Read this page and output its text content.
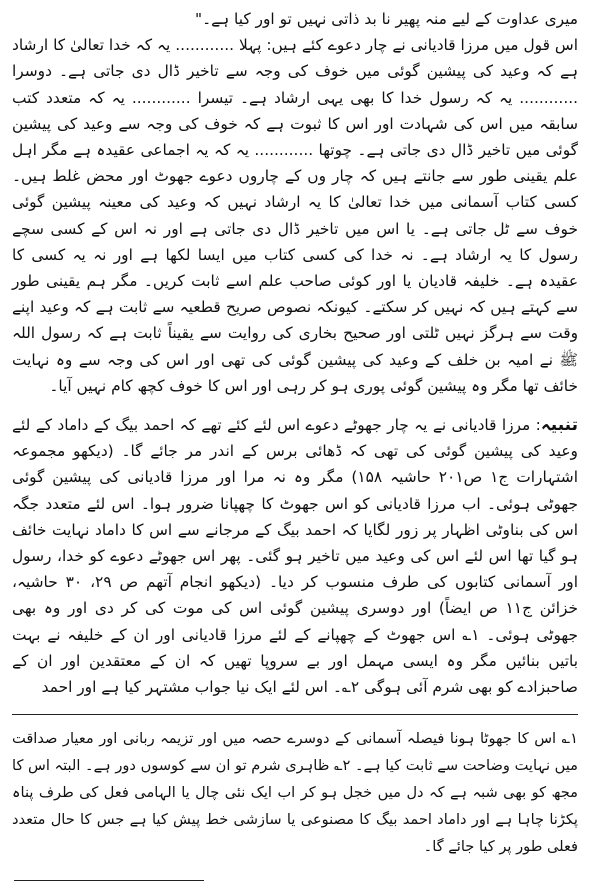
میری عداوت کے لیے منہ پھیر نا بد ذاتی نہیں تو اور کیا ہے۔"

اس قول میں مرزا قادیانی نے چار دعوے کئے ہیں: پہلا ............ یہ کہ خدا تعالیٰ کا ارشاد ہے کہ وعید کی پیشین گوئی میں خوف کی وجہ سے تاخیر ڈال دی جاتی ہے۔ دوسرا ............ یہ کہ رسول خدا کا بھی یہی ارشاد ہے۔ تیسرا ............ یہ کہ متعدد کتب سابقہ میں اس کی شہادت اور اس کا ثبوت ہے کہ خوف کی وجہ سے وعید کی پیشین گوئی میں تاخیر ڈال دی جاتی ہے۔ چوتھا ............ یہ کہ یہ اجماعی عقیدہ ہے مگر اہل علم یقینی طور سے جانتے ہیں کہ چار وں کے چاروں دعوے جھوٹ اور محض غلط ہیں۔ کسی کتاب آسمانی میں خدا تعالیٰ کا یہ ارشاد نہیں کہ وعید کی معینہ پیشین گوئی خوف سے ٹل جاتی ہے۔ یا اس میں تاخیر ڈال دی جاتی ہے اور نہ اس کے کسی سچے رسول کا یہ ارشاد ہے۔ نہ خدا کی کسی کتاب میں ایسا لکھا ہے اور نہ یہ کسی کا عقیدہ ہے۔ خلیفہ قادیان یا اور کوئی صاحب علم اسے ثابت کریں۔ مگر ہم یقینی طور سے کہتے ہیں کہ نہیں کر سکتے۔ کیونکہ نصوص صریح قطعیہ سے ثابت ہے کہ وعید اپنے وقت سے ہرگز نہیں ٹلتی اور صحیح بخاری کی روایت سے یقیناً ثابت ہے کہ رسول اللہ ﷺ نے امیہ بن خلف کے وعید کی پیشین گوئی کی تھی اور اس کی وجہ سے وہ نہایت خائف تھا مگر وہ پیشین گوئی پوری ہو کر رہی اور اس کا خوف کچھ کام نہیں آیا۔

تنبیہ: مرزا قادیانی نے یہ چار جھوٹے دعوے اس لئے کئے تھے کہ احمد بیگ کے داماد کے لئے وعید کی پیشین گوئی کی تھی کہ ڈھائی برس کے اندر مر جائے گا۔ (دیکھو مجموعہ اشتہارات ج۱ ص۲۰۱ حاشیہ ۱۵۸) مگر وہ نہ مرا اور مرزا قادیانی کی پیشین گوئی جھوٹی ہوئی۔ اب مرزا قادیانی کو اس جھوٹ کا چھپانا ضرور ہوا۔ اس لئے متعدد جگہ اس کی بناوٹی اظہار پر زور لگایا کہ احمد بیگ کے مرجانے سے اس کا داماد نہایت خائف ہو گیا تھا اس لئے اس کی وعید میں تاخیر ہو گئی۔ پھر اس جھوٹے دعوے کو خدا، رسول اور آسمانی کتابوں کی طرف منسوب کر دیا۔ (دیکھو انجام آتھم ص ۲۹، ۳۰ حاشیہ، خزائن ج۱۱ ص ایضاً) اور دوسری پیشین گوئی اس کی موت کی کر دی اور وہ بھی جھوٹی ہوئی۔ ۱؎ اس جھوٹ کے چھپانے کے لئے مرزا قادیانی اور ان کے خلیفہ نے بہت باتیں بنائیں مگر وہ ایسی مہمل اور بے سروپا تھیں کہ ان کے معتقدین اور ان کے صاحبزادے کو بھی شرم آئی ہوگی ۲؎۔ اس لئے ایک نیا جواب مشتہر کیا ہے اور احمد

۱؎ اس کا جھوٹا ہونا فیصلہ آسمانی کے دوسرے حصہ میں اور تزیمہ ربانی اور معیار صداقت میں نہایت وضاحت سے ثابت کیا ہے۔ ۲؎ ظاہری شرم تو ان سے کوسوں دور ہے۔ البتہ اس کا مجھ کو بھی شبہ ہے کہ دل میں خجل ہو کر اب ایک نئی چال یا الہامی فعل کی طرف پناہ پکڑنا چاہا ہے اور داماد احمد بیگ کا مصنوعی یا سازشی خط پیش کیا ہے جس کا حال متعدد فعلی طور پر کیا جائے گا۔
